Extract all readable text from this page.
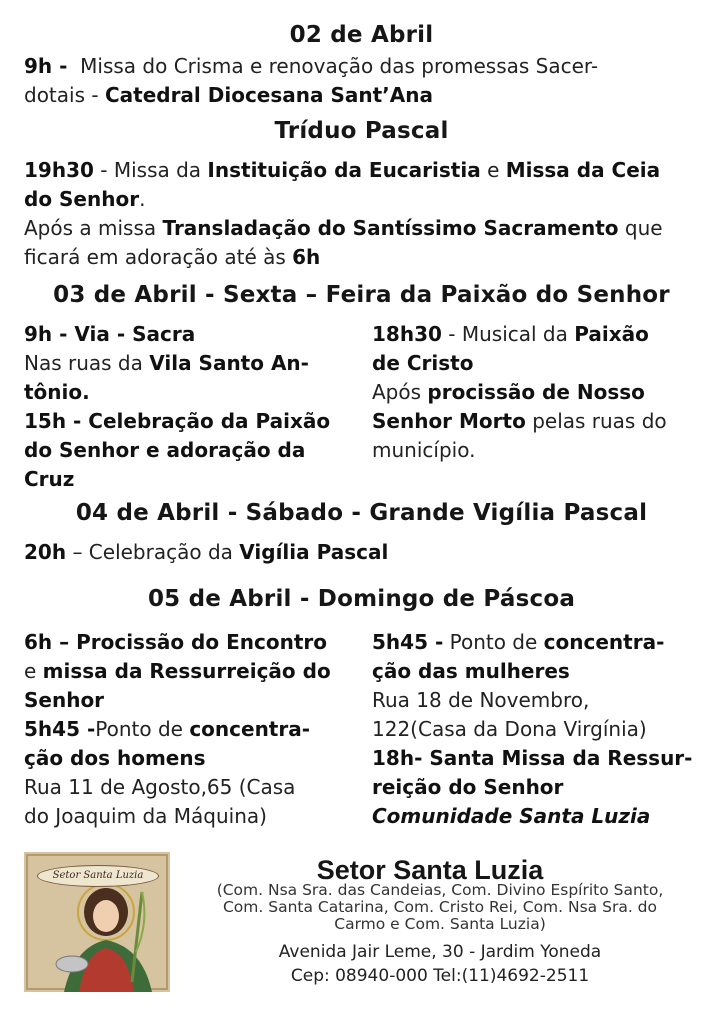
02 de Abril
9h - Missa do Crisma e renovação das promessas Sacer-
dotais - Catedral Diocesana Sant’Ana
Tríduo Pascal
19h30 - Missa da Instituição da Eucaristia e Missa da Ceia
do Senhor.
Após a missa Transladação do Santíssimo Sacramento que
ficará em adoração até às 6h
03 de Abril - Sexta – Feira da Paixão do Senhor
9h - Via - Sacra
Nas ruas da Vila Santo An-
tônio.
15h - Celebração da Paixão
do Senhor e adoração da
Cruz
18h30 - Musical da Paixão
de Cristo
Após procissão de Nosso
Senhor Morto pelas ruas do
município.
04 de Abril - Sábado - Grande Vigília Pascal
20h – Celebração da Vigília Pascal
05 de Abril - Domingo de Páscoa
6h – Procissão do Encontro
e missa da Ressurreição do
Senhor
5h45 -Ponto de concentra-
ção dos homens
Rua 11 de Agosto,65 (Casa
do Joaquim da Máquina)
5h45 - Ponto de concentra-
ção das mulheres
Rua 18 de Novembro,
122(Casa da Dona Virgínia)
18h- Santa Missa da Ressur-
reição do Senhor
Comunidade Santa Luzia
Setor Santa Luzia	Setor Santa Luzia
(Com. Nsa Sra. das Candeias, Com. Divino Espírito Santo,
Com. Santa Catarina, Com. Cristo Rei, Com. Nsa Sra. do
Carmo e Com. Santa Luzia)
Avenida Jair Leme, 30 - Jardim Yoneda
Cep: 08940-000 Tel:(11)4692-2511
